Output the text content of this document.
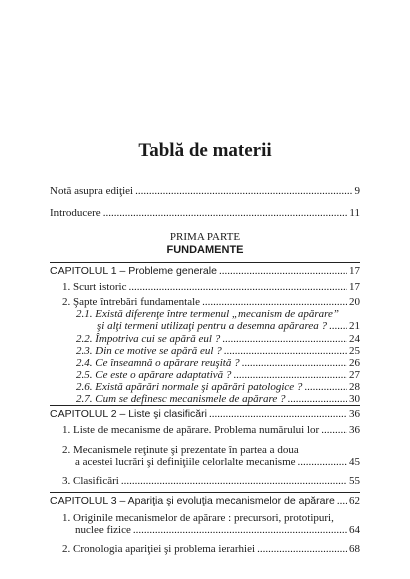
Tablă de materii
Notă asupra ediţiei .....	9
Introducere .....	11
PRIMA PARTE
FUNDAMENTE
CAPITOLUL 1 – Probleme generale .....	17
1. Scurt istoric .....	17
2. Şapte întrebări fundamentale .....	20
2.1. Există diferenţe între termenul „mecanism de apărare”
şi alţi termeni utilizaţi pentru a desemna apărarea ? ..... 21
2.2. Împotriva cui se apără eul ? .....	24
2.3. Din ce motive se apără eul ? .....	25
2.4. Ce înseamnă o apărare reuşită ? .....	26
2.5. Ce este o apărare adaptativă ? .....	27
2.6. Există apărări normale şi apărări patologice ? .....	28
2.7. Cum se definesc mecanismele de apărare ? .....	30
CAPITOLUL 2 – Liste şi clasificări .....	36
1. Liste de mecanisme de apărare. Problema numărului lor .....	36
2. Mecanismele reţinute şi prezentate în partea a doua
a acestei lucrări şi definiţiile celorlalte mecanisme .....	45
3. Clasificări .....	55
CAPITOLUL 3 – Apariţia şi evoluţia mecanismelor de apărare ..... 62
1. Originile mecanismelor de apărare : precursori, prototipuri,
nuclee fizice .....	64
2. Cronologia apariţiei şi problema ierarhiei .....	68
